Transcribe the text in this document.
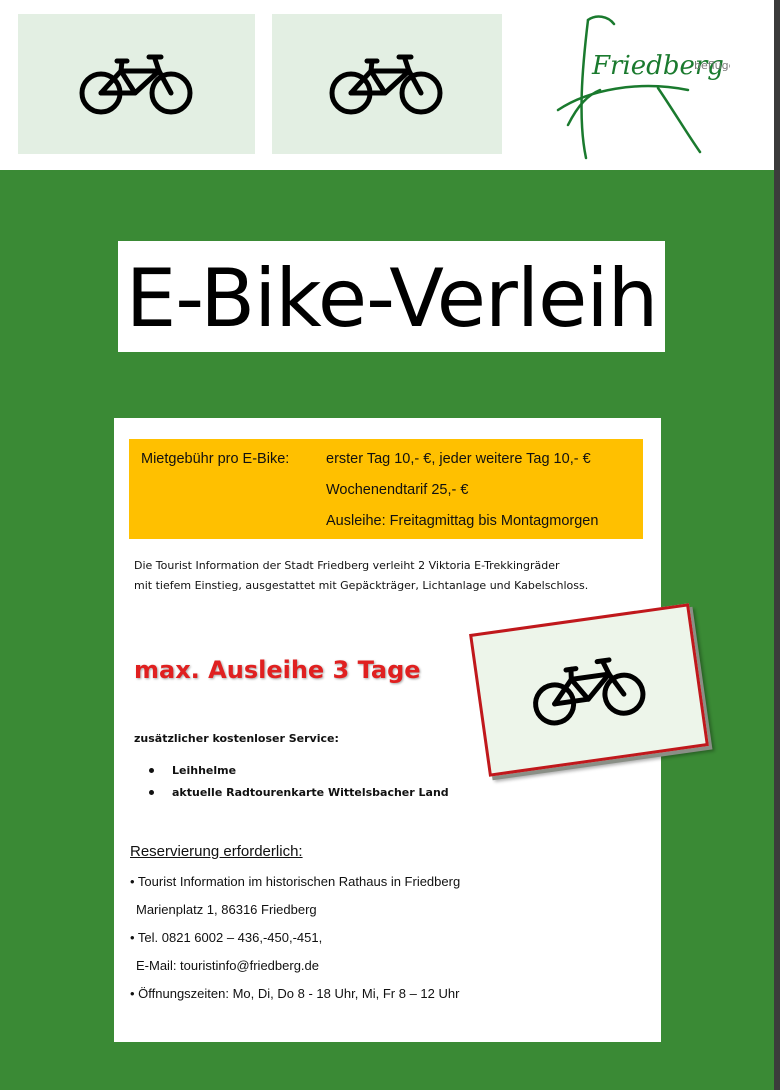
Friedberg
beflüg
E-Bike-Verleih
Mietgebühr pro E-Bike:	erster Tag 10,- €, jeder weitere Tag 10,- €
Wochenendtarif 25,- €
Ausleihe: Freitagmittag bis Montagmorgen
Die Tourist Information der Stadt Friedberg verleiht 2 Viktoria E-Trekkingräder
mit tiefem Einstieg, ausgestattet mit Gepäckträger, Lichtanlage und Kabelschloss.
max. Ausleihe 3 Tage
zusätzlicher kostenloser Service:
Leihhelme
aktuelle Radtourenkarte Wittelsbacher Land
Reservierung erforderlich:
• Tourist Information im historischen Rathaus in Friedberg
Marienplatz 1, 86316 Friedberg
• Tel. 0821 6002 – 436,-450,-451,
E-Mail: touristinfo@friedberg.de
• Öffnungszeiten: Mo, Di, Do 8 - 18 Uhr, Mi, Fr 8 – 12 Uhr
